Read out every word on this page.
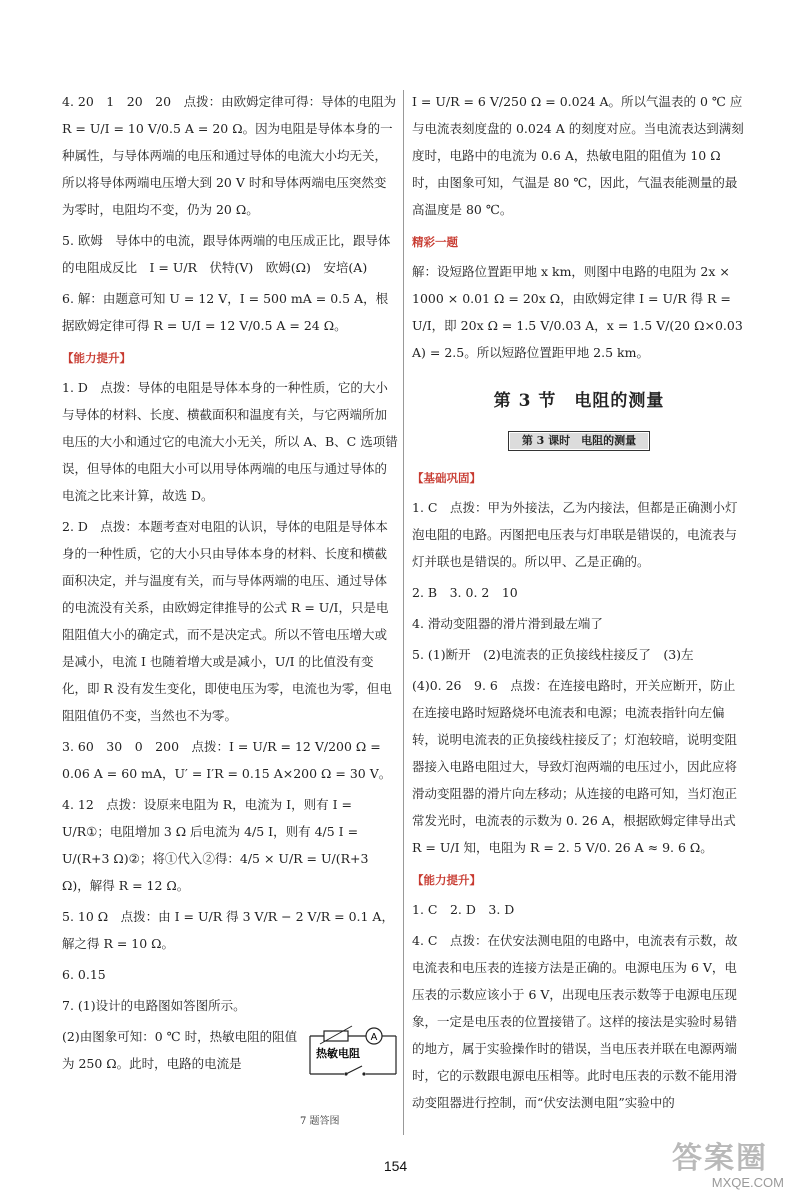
4. 20　1　20　20　点拨：由欧姆定律可得：导体的电阻为 R = U/I = 10 V/0.5 A = 20 Ω。因为电阻是导体本身的一种属性，与导体两端的电压和通过导体的电流大小均无关，所以将导体两端电压增大到 20 V 时和导体两端电压突然变为零时，电阻均不变，仍为 20 Ω。

5. 欧姆　导体中的电流，跟导体两端的电压成正比，跟导体的电阻成反比　I = U/R　伏特(V)　欧姆(Ω)　安培(A)

6. 解：由题意可知 U = 12 V，I = 500 mA = 0.5 A，根据欧姆定律可得 R = U/I = 12 V/0.5 A = 24 Ω。

【能力提升】

1. D　点拨：导体的电阻是导体本身的一种性质，它的大小与导体的材料、长度、横截面积和温度有关，与它两端所加电压的大小和通过它的电流大小无关，所以 A、B、C 选项错误，但导体的电阻大小可以用导体两端的电压与通过导体的电流之比来计算，故选 D。

2. D　点拨：本题考查对电阻的认识，导体的电阻是导体本身的一种性质，它的大小只由导体本身的材料、长度和横截面积决定，并与温度有关，而与导体两端的电压、通过导体的电流没有关系，由欧姆定律推导的公式 R = U/I，只是电阻阻值大小的确定式，而不是决定式。所以不管电压增大或是减小，电流 I 也随着增大或是减小，U/I 的比值没有变化，即 R 没有发生变化，即使电压为零，电流也为零，但电阻阻值仍不变，当然也不为零。

3. 60　30　0　200　点拨：I = U/R = 12 V/200 Ω = 0.06 A = 60 mA，U′ = I′R = 0.15 A×200 Ω = 30 V。

4. 12　点拨：设原来电阻为 R，电流为 I，则有 I = U/R①；电阻增加 3 Ω 后电流为 4/5 I，则有 4/5 I = U/(R+3 Ω)②；将①代入②得：4/5 × U/R = U/(R+3 Ω)，解得 R = 12 Ω。

5. 10 Ω　点拨：由 I = U/R 得 3 V/R − 2 V/R = 0.1 A，解之得 R = 10 Ω。

6. 0.15

7. (1)设计的电路图如答图所示。

(2)由图象可知：0 ℃ 时，热敏电阻的阻值为 250 Ω。此时，电路的电流是

I = U/R = 6 V/250 Ω = 0.024 A。所以气温表的 0 ℃ 应与电流表刻度盘的 0.024 A 的刻度对应。当电流表达到满刻度时，电路中的电流为 0.6 A，热敏电阻的阻值为 10 Ω 时，由图象可知，气温是 80 ℃，因此，气温表能测量的最高温度是 80 ℃。

精彩一题

解：设短路位置距甲地 x km，则图中电路的电阻为 2x × 1000 × 0.01 Ω = 20x Ω，由欧姆定律 I = U/R 得 R = U/I，即 20x Ω = 1.5 V/0.03 A，x = 1.5 V/(20 Ω×0.03 A) = 2.5。所以短路位置距甲地 2.5 km。

第 3 节　电阻的测量
第 3 课时　电阻的测量
【基础巩固】

1. C　点拨：甲为外接法，乙为内接法，但都是正确测小灯泡电阻的电路。丙图把电压表与灯串联是错误的，电流表与灯并联也是错误的。所以甲、乙是正确的。

2. B　3. 0. 2　10

4. 滑动变阻器的滑片滑到最左端了

5. (1)断开　(2)电流表的正负接线柱接反了　(3)左

(4)0. 26　9. 6　点拨：在连接电路时，开关应断开，防止在连接电路时短路烧坏电流表和电源；电流表指针向左偏转，说明电流表的正负接线柱接反了；灯泡较暗，说明变阻器接入电路电阻过大，导致灯泡两端的电压过小，因此应将滑动变阻器的滑片向左移动；从连接的电路可知，当灯泡正常发光时，电流表的示数为 0. 26 A，根据欧姆定律导出式 R = U/I 知，电阻为 R = 2. 5 V/0. 26 A ≈ 9. 6 Ω。

【能力提升】

1. C　2. D　3. D

4. C　点拨：在伏安法测电阻的电路中，电流表有示数，故电流表和电压表的连接方法是正确的。电源电压为 6 V，电压表的示数应该小于 6 V，出现电压表示数等于电源电压现象，一定是电压表的位置接错了。这样的接法是实验时易错的地方，属于实验操作时的错误，当电压表并联在电源两端时，它的示数跟电源电压相等。此时电压表的示数不能用滑动变阻器进行控制，而“伏安法测电阻”实验中的

A
热敏电阻
7 题答图
154	答案圈
MXQE.COM
